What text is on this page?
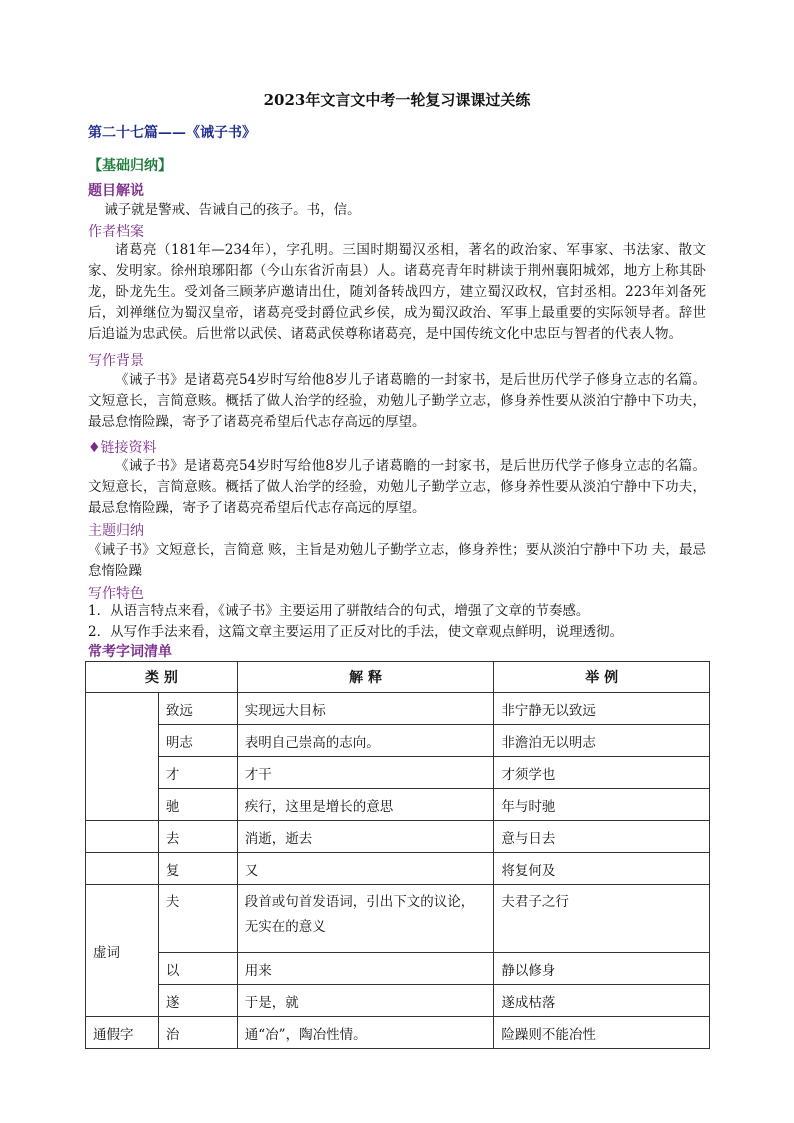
2023年文言文中考一轮复习课课过关练
第二十七篇——《诫子书》
【基础归纳】
题目解说
诫子就是警戒、告诫自己的孩子。书，信。
作者档案
诸葛亮（181年—234年），字孔明。三国时期蜀汉丞相，著名的政治家、军事家、书法家、散文家、发明家。徐州琅琊阳都（今山东省沂南县）人。诸葛亮青年时耕读于荆州襄阳城郊，地方上称其卧龙，卧龙先生。受刘备三顾茅庐邀请出仕，随刘备转战四方，建立蜀汉政权，官封丞相。223年刘备死后，刘禅继位为蜀汉皇帝，诸葛亮受封爵位武乡侯，成为蜀汉政治、军事上最重要的实际领导者。辞世后追谥为忠武侯。后世常以武侯、诸葛武侯尊称诸葛亮，是中国传统文化中忠臣与智者的代表人物。
写作背景
《诫子书》是诸葛亮54岁时写给他8岁儿子诸葛瞻的一封家书，是后世历代学子修身立志的名篇。文短意长，言简意赅。概括了做人治学的经验，劝勉儿子勤学立志，修身养性要从淡泊宁静中下功夫，最忌怠惰险躁，寄予了诸葛亮希望后代志存高远的厚望。
♦链接资料
《诫子书》是诸葛亮54岁时写给他8岁儿子诸葛瞻的一封家书，是后世历代学子修身立志的名篇。文短意长，言简意赅。概括了做人治学的经验，劝勉儿子勤学立志，修身养性要从淡泊宁静中下功夫，最忌怠惰险躁，寄予了诸葛亮希望后代志存高远的厚望。
主题归纳
《诫子书》文短意长，言简意 赅，主旨是劝勉儿子勤学立志，修身养性；要从淡泊宁静中下功 夫，最忌怠惰险躁
写作特色
1．从语言特点来看，《诫子书》主要运用了骈散结合的句式，增强了文章的节奏感。
2．从写作手法来看，这篇文章主要运用了正反对比的手法，使文章观点鲜明，说理透彻。
常考字词清单
类 别		解 释	举 例
	致远	实现远大目标	非宁静无以致远
	明志	表明自己崇高的志向。	非澹泊无以明志
	才	才干	才须学也
	驰	疾行，这里是增长的意思	年与时驰
	去	消逝，逝去	意与日去
	复	又	将复何及
虚词	夫	段首或句首发语词，引出下文的议论，无实在的意义	夫君子之行
	以	用来	静以修身
	遂	于是，就	遂成枯落
通假字	治	通“冶”，陶冶性情。	险躁则不能冶性
